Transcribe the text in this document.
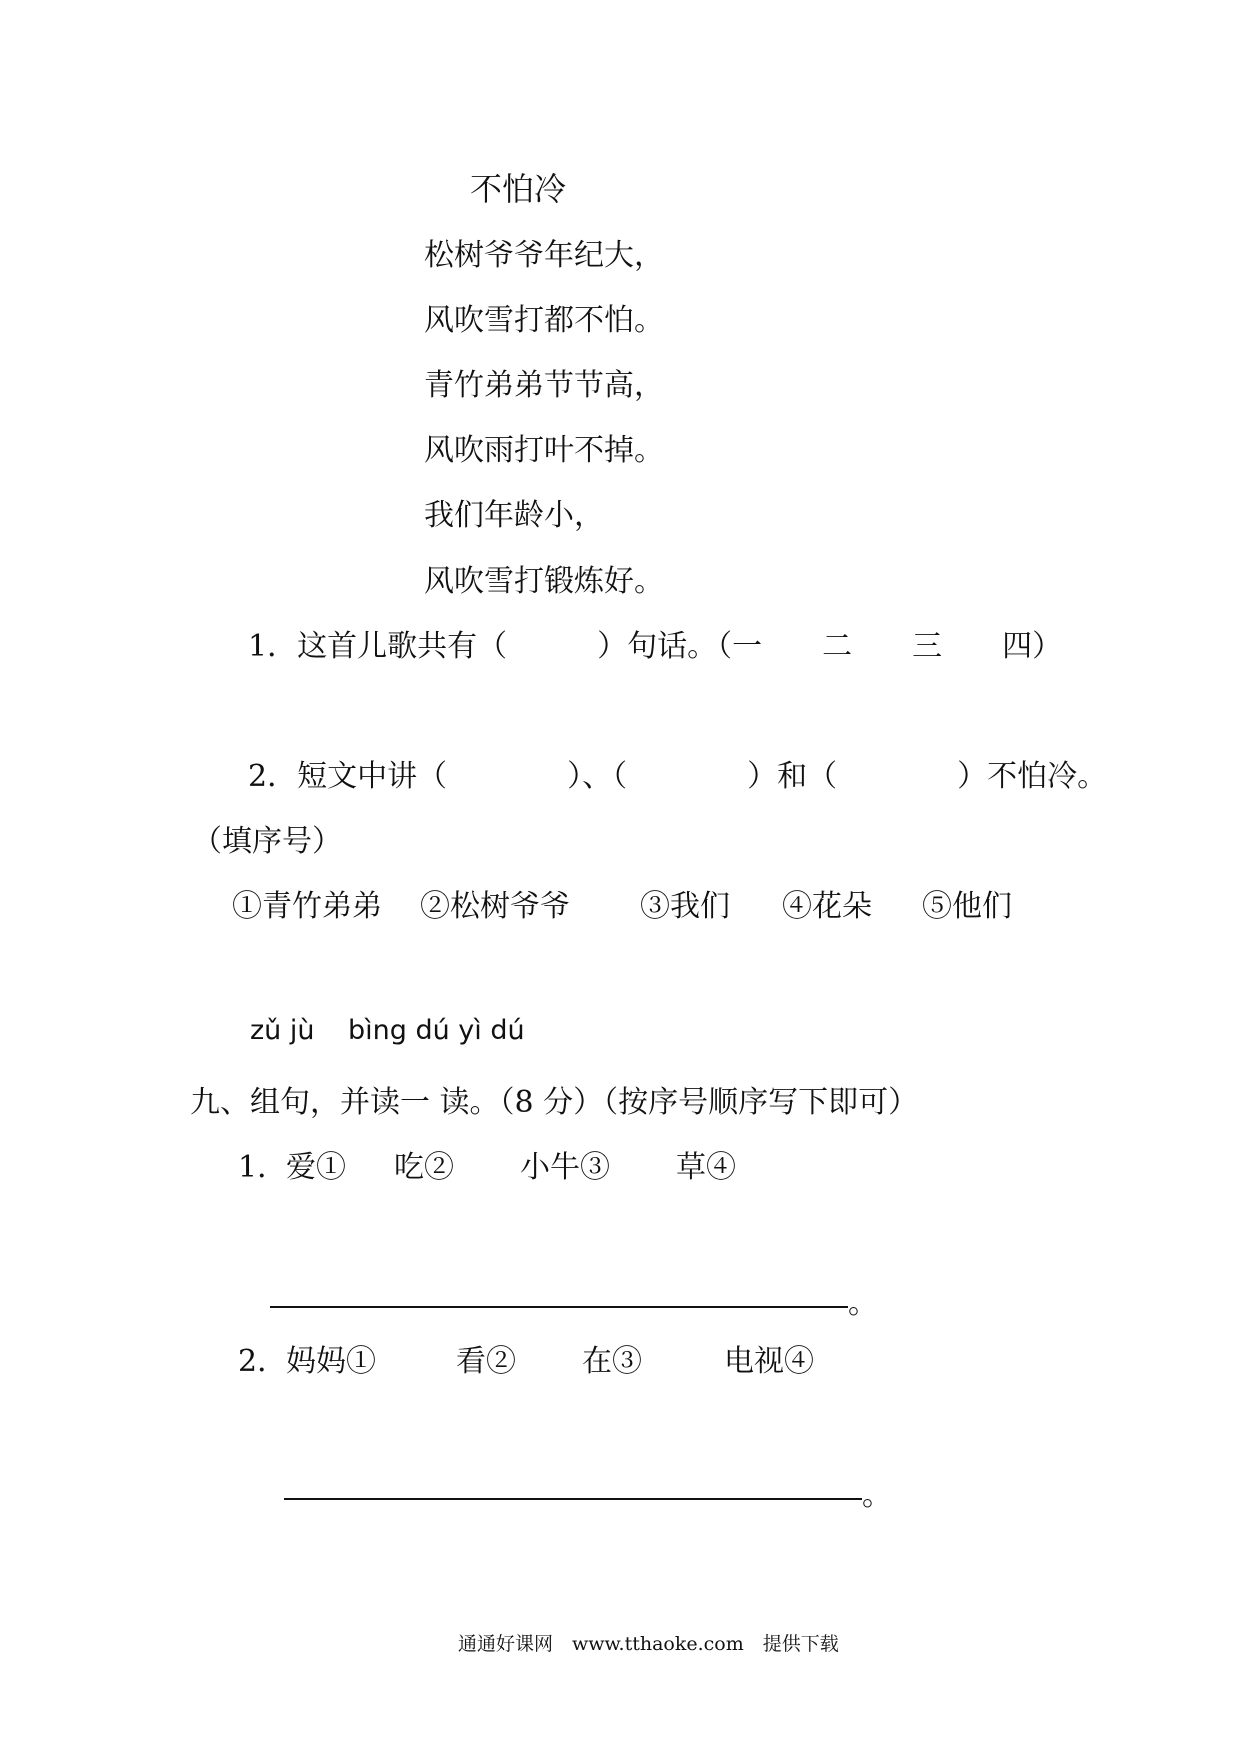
不怕冷
松树爷爷年纪大，
风吹雪打都不怕。
青竹弟弟节节高，
风吹雨打叶不掉。
我们年龄小，
风吹雪打锻炼好。
1．这首儿歌共有（　　　）句话。（一　　二　　三　　四）
2．短文中讲（　　　　）、（　　　　）和（　　　　）不怕冷。
（填序号）
①青竹弟弟 ②松树爷爷 ③我们 ④花朵 ⑤他们
zǔ jù bìng dú yì dú
九、组句，并读一 读。（8 分）（按序号顺序写下即可）
1．
爱① 吃② 小牛③ 草④
。
2．
妈妈①	看② 在③	电视④
。
通通好课网　www.tthaoke.com　提供下载
